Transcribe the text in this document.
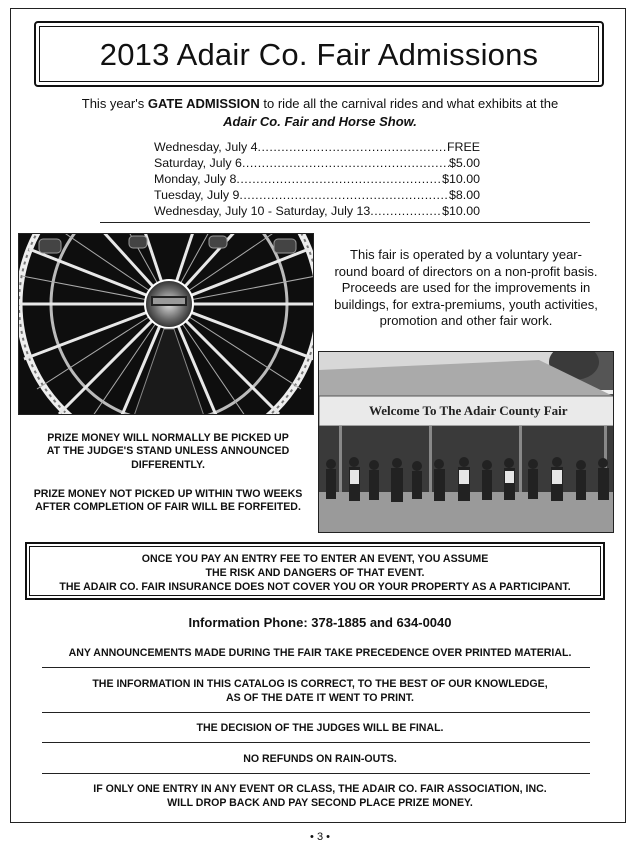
2013 Adair Co. Fair Admissions
This year's GATE ADMISSION to ride all the carnival rides and what exhibits at the
Adair Co. Fair and Horse Show.
Wednesday, July 4 .....	FREE
Saturday, July 6 .....	$5.00
Monday, July 8 .....	$10.00
Tuesday, July 9 .....	$8.00
Wednesday, July 10 - Saturday, July 13 .....	$10.00
This fair is operated by a voluntary year-
round board of directors on a non-profit basis.
Proceeds are used for the improvements in
buildings, for extra-premiums, youth activities,
promotion and other fair work.
Welcome To The Adair County Fair
PRIZE MONEY WILL NORMALLY BE PICKED UP
AT THE JUDGE'S STAND UNLESS ANNOUNCED
DIFFERENTLY.
PRIZE MONEY NOT PICKED UP WITHIN TWO WEEKS
AFTER COMPLETION OF FAIR WILL BE FORFEITED.
ONCE YOU PAY AN ENTRY FEE TO ENTER AN EVENT, YOU ASSUME
THE RISK AND DANGERS OF THAT EVENT.
THE ADAIR CO. FAIR INSURANCE DOES NOT COVER YOU OR YOUR PROPERTY AS A PARTICIPANT.
Information Phone: 378-1885 and 634-0040
ANY ANNOUNCEMENTS MADE DURING THE FAIR TAKE PRECEDENCE OVER PRINTED MATERIAL.
THE INFORMATION IN THIS CATALOG IS CORRECT, TO THE BEST OF OUR KNOWLEDGE,
AS OF THE DATE IT WENT TO PRINT.
THE DECISION OF THE JUDGES WILL BE FINAL.
NO REFUNDS ON RAIN-OUTS.
IF ONLY ONE ENTRY IN ANY EVENT OR CLASS, THE ADAIR CO. FAIR ASSOCIATION, INC.
WILL DROP BACK AND PAY SECOND PLACE PRIZE MONEY.
• 3 •
